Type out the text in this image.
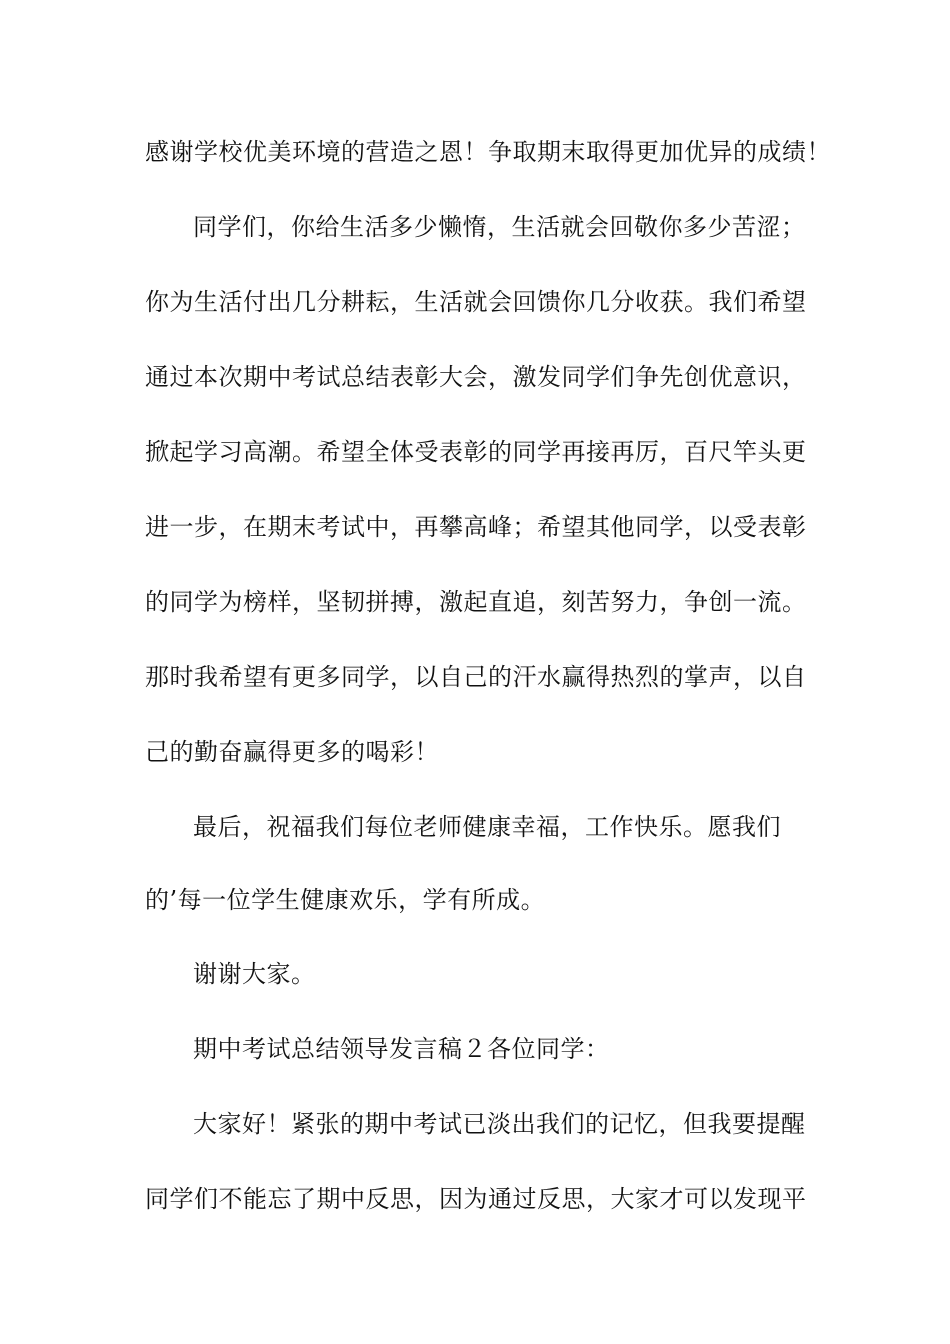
感谢学校优美环境的营造之恩！争取期末取得更加优异的成绩！
同学们，你给生活多少懒惰，生活就会回敬你多少苦涩；
你为生活付出几分耕耘，生活就会回馈你几分收获。我们希望
通过本次期中考试总结表彰大会，激发同学们争先创优意识，
掀起学习高潮。希望全体受表彰的同学再接再厉，百尺竿头更
进一步，在期末考试中，再攀高峰；希望其他同学，以受表彰
的同学为榜样，坚韧拼搏，激起直追，刻苦努力，争创一流。
那时我希望有更多同学，以自己的汗水赢得热烈的掌声，以自
己的勤奋赢得更多的喝彩！
最后，祝福我们每位老师健康幸福，工作快乐。愿我们
的’每一位学生健康欢乐，学有所成。
谢谢大家。
期中考试总结领导发言稿２各位同学：
大家好！紧张的期中考试已淡出我们的记忆，但我要提醒
同学们不能忘了期中反思，因为通过反思，大家才可以发现平
